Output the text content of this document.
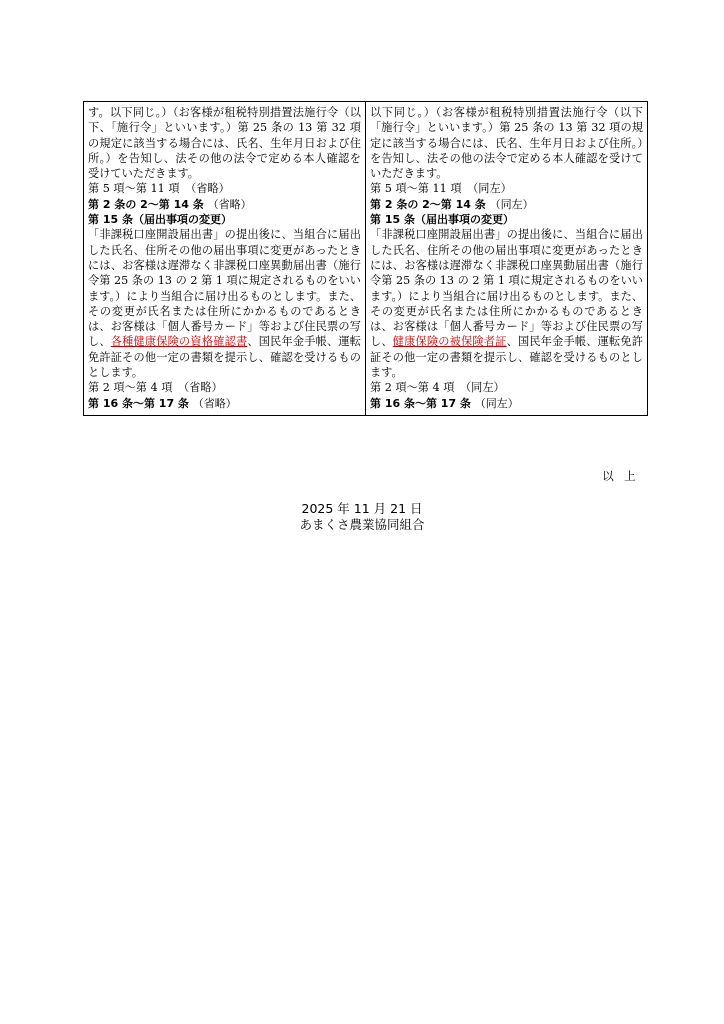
す。以下同じ。）（お客様が租税特別措置法施行令（以下、「施行令」といいます。）第 25 条の 13 第 32 項の規定に該当する場合には、氏名、生年月日および住所。）を告知し、法その他の法令で定める本人確認を受けていただきます。
第 5 項〜第 11 項　（省略）
第 2 条の 2〜第 14 条 （省略）
第 15 条（届出事項の変更）
「非課税口座開設届出書」の提出後に、当組合に届出した氏名、住所その他の届出事項に変更があったときには、お客様は遅滞なく非課税口座異動届出書（施行令第 25 条の 13 の 2 第 1 項に規定されるものをいいます。）により当組合に届け出るものとします。また、その変更が氏名または住所にかかるものであるときは、お客様は「個人番号カード」等および住民票の写し、各種健康保険の資格確認書、国民年金手帳、運転免許証その他一定の書類を提示し、確認を受けるものとします。
第 2 項〜第 4 項　（省略）
第 16 条〜第 17 条 （省略）

以下同じ。）（お客様が租税特別措置法施行令（以下「施行令」といいます。）第 25 条の 13 第 32 項の規定に該当する場合には、氏名、生年月日および住所。）を告知し、法その他の法令で定める本人確認を受けていただきます。
第 5 項〜第 11 項　（同左）
第 2 条の 2〜第 14 条 （同左）
第 15 条（届出事項の変更）
「非課税口座開設届出書」の提出後に、当組合に届出した氏名、住所その他の届出事項に変更があったときには、お客様は遅滞なく非課税口座異動届出書（施行令第 25 条の 13 の 2 第 1 項に規定されるものをいいます。）により当組合に届け出るものとします。また、その変更が氏名または住所にかかるものであるときは、お客様は「個人番号カード」等および住民票の写し、健康保険の被保険者証、国民年金手帳、運転免許証その他一定の書類を提示し、確認を受けるものとします。
第 2 項〜第 4 項　（同左）
第 16 条〜第 17 条 （同左）
以上
2025 年 11 月 21 日
あまくさ農業協同組合
